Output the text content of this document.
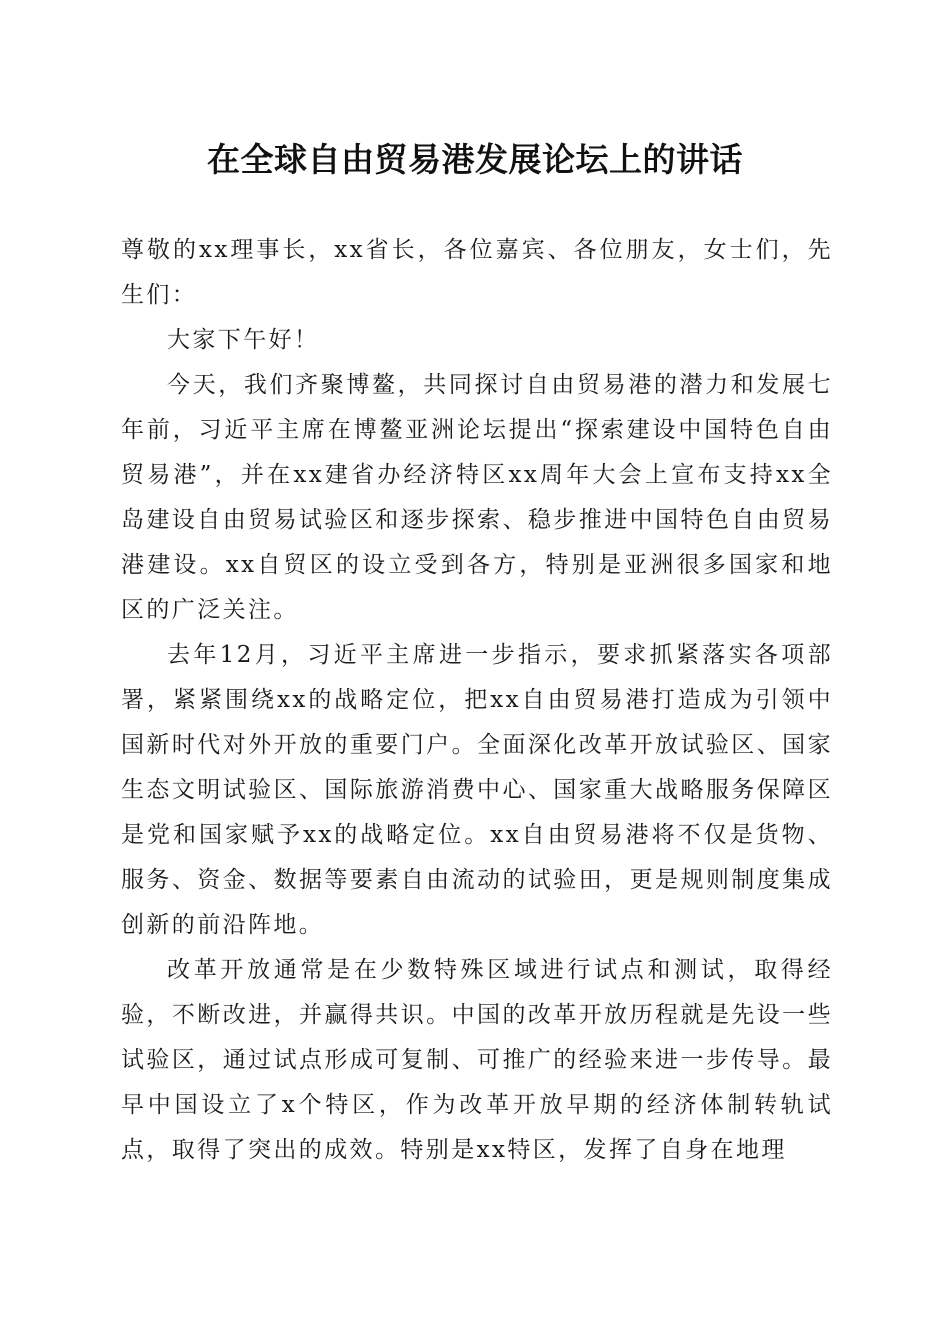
在全球自由贸易港发展论坛上的讲话

尊敬的xx理事长，xx省长，各位嘉宾、各位朋友，女士们，先生们：

大家下午好！

今天，我们齐聚博鳌，共同探讨自由贸易港的潜力和发展七年前，习近平主席在博鳌亚洲论坛提出“探索建设中国特色自由贸易港”，并在xx建省办经济特区xx周年大会上宣布支持xx全岛建设自由贸易试验区和逐步探索、稳步推进中国特色自由贸易港建设。xx自贸区的设立受到各方，特别是亚洲很多国家和地区的广泛关注。

去年12月，习近平主席进一步指示，要求抓紧落实各项部署，紧紧围绕xx的战略定位，把xx自由贸易港打造成为引领中国新时代对外开放的重要门户。全面深化改革开放试验区、国家生态文明试验区、国际旅游消费中心、国家重大战略服务保障区是党和国家赋予xx的战略定位。xx自由贸易港将不仅是货物、服务、资金、数据等要素自由流动的试验田，更是规则制度集成创新的前沿阵地。

改革开放通常是在少数特殊区域进行试点和测试，取得经验，不断改进，并赢得共识。中国的改革开放历程就是先设一些试验区，通过试点形成可复制、可推广的经验来进一步传导。最早中国设立了x个特区，作为改革开放早期的经济体制转轨试点，取得了突出的成效。特别是xx特区，发挥了自身在地理
